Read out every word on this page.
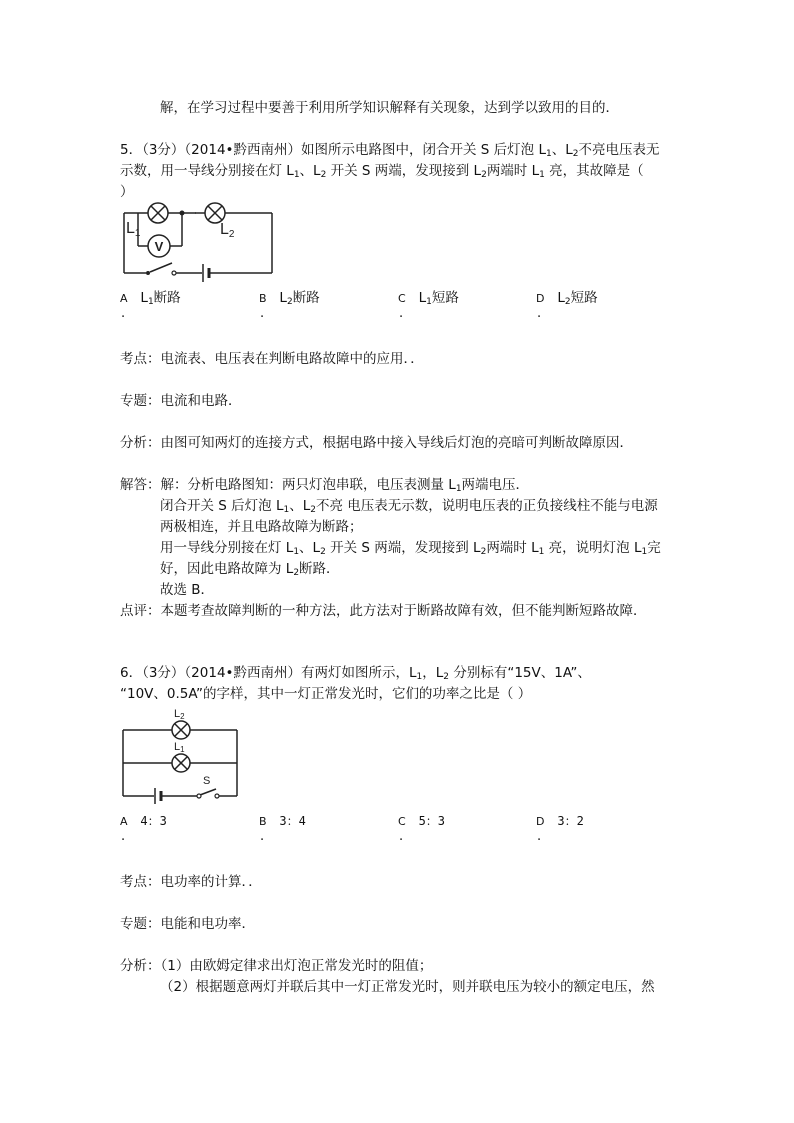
解，在学习过程中要善于利用所学知识解释有关现象，达到学以致用的目的．
5．（3分）（2014•黔西南州）如图所示电路图中，闭合开关 S 后灯泡 $L_1$、$L_2$不亮电压表无
示数，用一导线分别接在灯 $L_1$、$L_2$ 开关 S 两端，发现接到 $L_2$两端时 $L_1$ 亮，其故障是（
）
V
L1	L2
A $L_1$断路
.
B $L_2$断路
.
C $L_1$短路
.
D $L_2$短路
.
考点：电流表、电压表在判断电路故障中的应用．．
专题：电流和电路．
分析：由图可知两灯的连接方式，根据电路中接入导线后灯泡的亮暗可判断故障原因．
解答：解：分析电路图知：两只灯泡串联，电压表测量 $L_1$两端电压．
闭合开关 S 后灯泡 $L_1$、$L_2$不亮 电压表无示数，说明电压表的正负接线柱不能与电源
两极相连，并且电路故障为断路；
用一导线分别接在灯 $L_1$、$L_2$ 开关 S 两端，发现接到 $L_2$两端时 $L_1$ 亮，说明灯泡 $L_1$完
好，因此电路故障为 $L_2$断路．
故选 B．
点评：本题考查故障判断的一种方法，此方法对于断路故障有效，但不能判断短路故障．
6．（3分）（2014•黔西南州）有两灯如图所示，$L_1$，$L_2$ 分别标有“15V、1A”、
“10V、0.5A”的字样，其中一灯正常发光时，它们的功率之比是（ ）
L2
L1
S
A 4：3
.
B 3：4
.
C 5：3
.
D 3：2
.
考点：电功率的计算．．
专题：电能和电功率．
分析：（1）由欧姆定律求出灯泡正常发光时的阻值；
（2）根据题意两灯并联后其中一灯正常发光时，则并联电压为较小的额定电压，然
